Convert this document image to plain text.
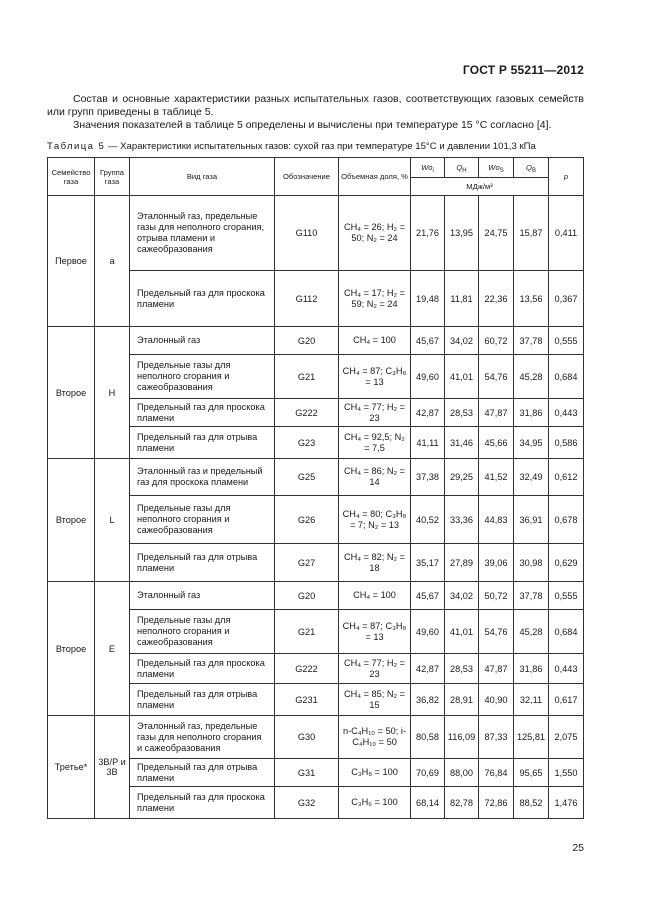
ГОСТ Р 55211—2012
Состав и основные характеристики разных испытательных газов, соответствующих газовых семейств или групп приведены в таблице 5.
Значения показателей в таблице 5 определены и вычислены при температуре 15 °С согласно [4].
Таблица 5 — Характеристики испытательных газов: сухой газ при температуре 15°С и давлении 101,3 кПа
Семейство газа	Группа газа	Вид газа	Обозначение	Объемная доля, %	$Wo_i$	$Q_H$	$Wo_S$	$Q_B$	p
					МДж/м³				
Первое	a	Эталонный газ, предельные газы для неполного сгорания, отрыва пламени и сажеобразования	G110	CH₄ = 26; H₂ = 50; N₂ = 24	21,76	13,95	24,75	15,87	0,411
		Предельный газ для проскока пламени	G112	CH₄ = 17; H₂ = 59; N₂ = 24	19,48	11,81	22,36	13,56	0,367
Второе	H	Эталонный газ	G20	CH₄ = 100	45,67	34,02	60,72	37,78	0,555
		Предельные газы для неполного сгорания и сажеобразования	G21	CH₄ = 87; C₃H₈ = 13	49,60	41,01	54,76	45,28	0,684
		Предельный газ для проскока пламени	G222	CH₄ = 77; H₂ = 23	42,87	28,53	47,87	31,86	0,443
		Предельный газ для отрыва пламени	G23	CH₄ = 92,5; N₂ = 7,5	41,11	31,46	45,66	34,95	0,586
Второе	L	Эталонный газ и предельный газ для проскока пламени	G25	CH₄ = 86; N₂ = 14	37,38	29,25	41,52	32,49	0,612
		Предельные газы для неполного сгорания и сажеобразования	G26	CH₄ = 80; C₃H₈ = 7; N₂ = 13	40,52	33,36	44,83	36,91	0,678
		Предельный газ для отрыва пламени	G27	CH₄ = 82; N₂ = 18	35,17	27,89	39,06	30,98	0,629
Второе	E	Эталонный газ	G20	CH₄ = 100	45,67	34,02	50,72	37,78	0,555
		Предельные газы для неполного сгорания и сажеобразования	G21	CH₄ = 87; C₃H₈ = 13	49,60	41,01	54,76	45,28	0,684
		Предельный газ для проскока пламени	G222	CH₄ = 77; H₂ = 23	42,87	28,53	47,87	31,86	0,443
		Предельный газ для отрыва пламени	G231	CH₄ = 85; N₂ = 15	36,82	28,91	40,90	32,11	0,617
Третье*	3B/P и 3B	Эталонный газ, предельные газы для неполного сгорания и сажеобразования	G30	n-C₄H₁₀ = 50; i-C₄H₁₀ = 50	80,58	116,09	87,33	125,81	2,075
		Предельный газ для отрыва пламени	G31	C₃H₈ = 100	70,69	88,00	76,84	95,65	1,550
		Предельный газ для проскока пламени	G32	C₃H₆ = 100	68,14	82,78	72,86	88,52	1,476
25
